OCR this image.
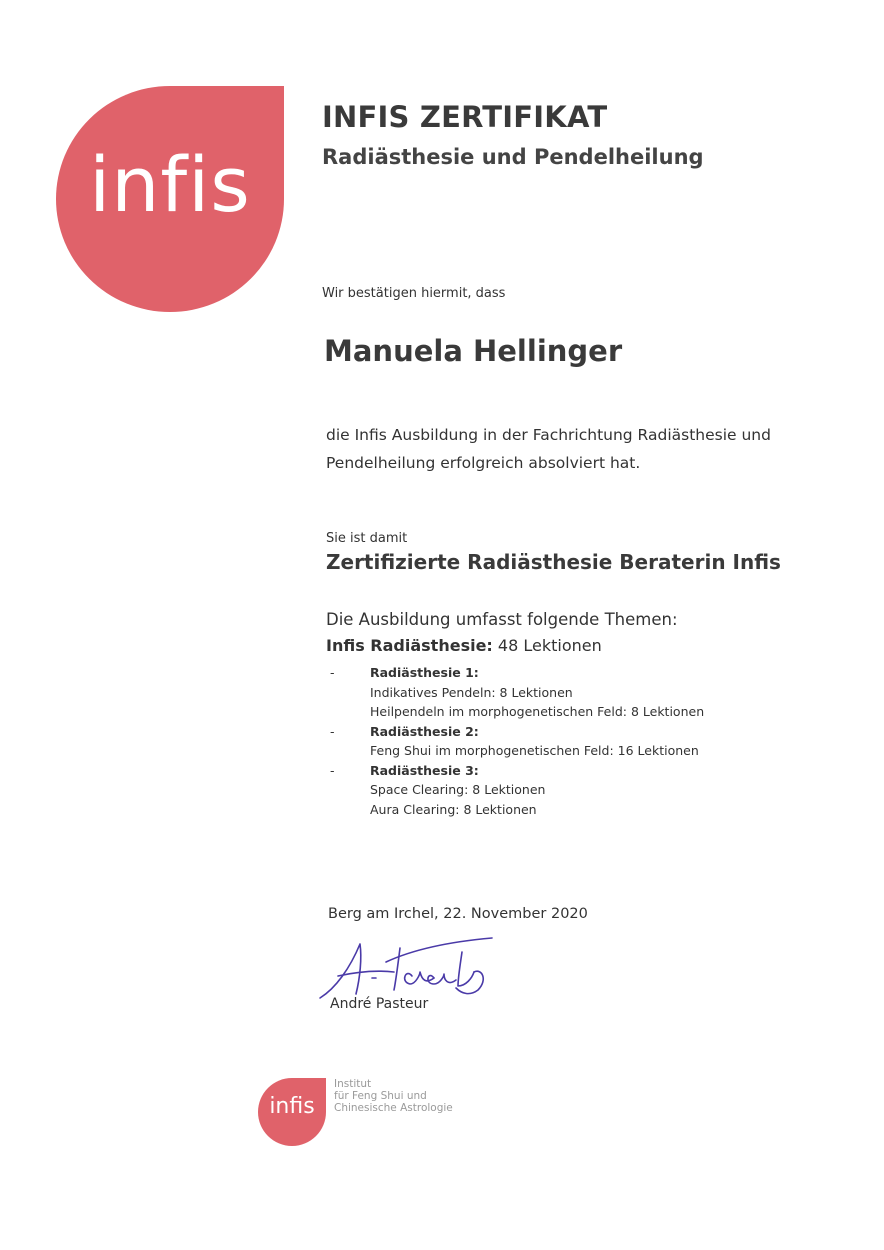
infis
INFIS ZERTIFIKAT
Radiästhesie und Pendelheilung
Wir bestätigen hiermit, dass
Manuela Hellinger
die Infis Ausbildung in der Fachrichtung Radiästhesie und
Pendelheilung erfolgreich absolviert hat.
Sie ist damit
Zertifizierte Radiästhesie Beraterin Infis
Die Ausbildung umfasst folgende Themen:
Infis Radiästhesie: 48 Lektionen
-	Radiästhesie 1:
Indikatives Pendeln: 8 Lektionen
Heilpendeln im morphogenetischen Feld: 8 Lektionen
-	Radiästhesie 2:
Feng Shui im morphogenetischen Feld: 16 Lektionen
-	Radiästhesie 3:
Space Clearing: 8 Lektionen
Aura Clearing: 8 Lektionen
Berg am Irchel, 22. November 2020
André Pasteur
infis
Institut
für Feng Shui und
Chinesische Astrologie
